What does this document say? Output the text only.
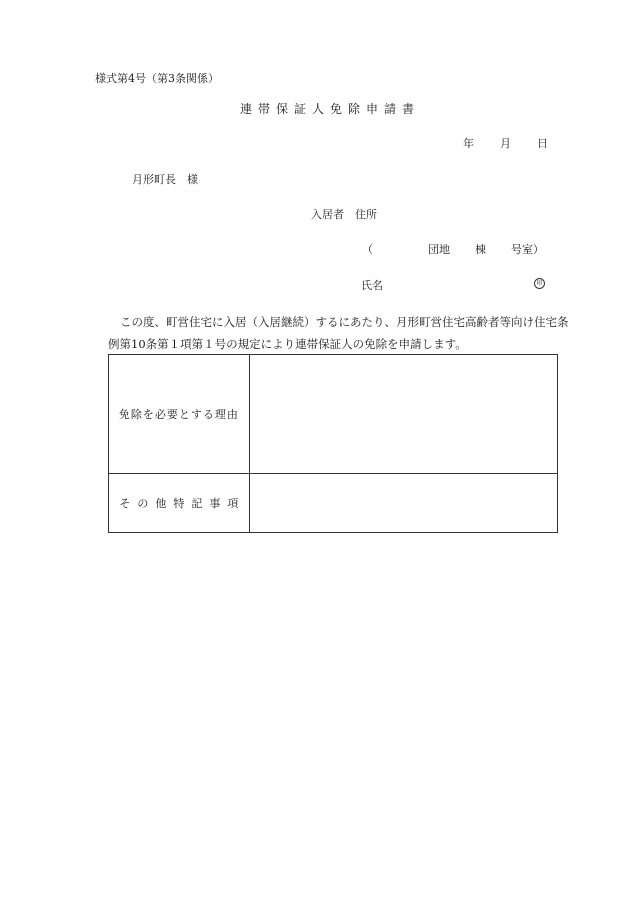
様式第4号（第3条関係）
連帯保証人免除申請書
年 月 日
月形町長　様
入居者　住所
（	団地 棟 号室）
氏名	印
この度、町営住宅に入居（入居継続）するにあたり、月形町営住宅高齢者等向け住宅条例第10条第１項第１号の規定により連帯保証人の免除を申請します。
免除を必要とする理由	
その他特記事項	
